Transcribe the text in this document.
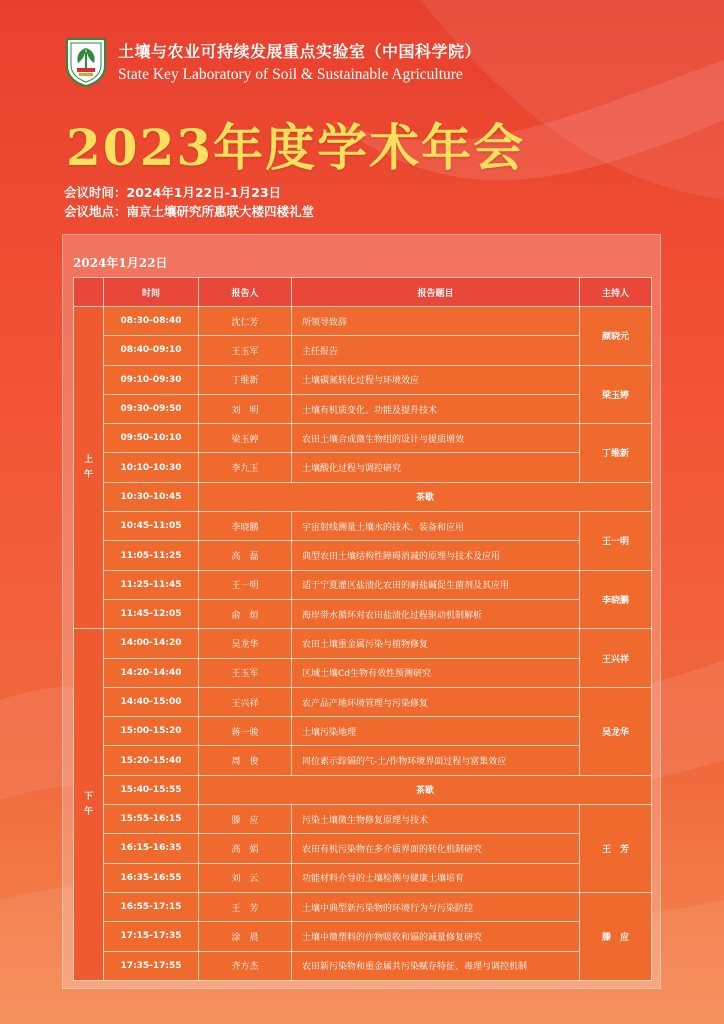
土壤与农业可持续发展重点实验室（中国科学院）
State Key Laboratory of Soil & Sustainable Agriculture
2023年度学术年会
会议时间：2024年1月22日-1月23日
会议地点：南京土壤研究所惠联大楼四楼礼堂
2024年1月22日
	时间	报告人	报告题目	主持人
上
午	08:30-08:40	沈仁芳	所领导致辞	颜晓元
	08:40-09:10	王玉军	主任报告	
	09:10-09:30	丁维新	土壤碳氮转化过程与环境效应	梁玉婷
	09:30-09:50	刘　明	土壤有机质变化、功能及提升技术	
	09:50-10:10	梁玉婷	农田土壤合成微生物组的设计与提质增效	丁维新
	10:10-10:30	李九玉	土壤酸化过程与调控研究	
	10:30-10:45	茶歇		
	10:45-11:05	李晓鹏	宇宙射线测量土壤水的技术、装备和应用	王一明
	11:05-11:25	高　磊	典型农田土壤结构性障碍消减的原理与技术及应用	
	11:25-11:45	王一明	适于宁夏灌区盐渍化农田的耐盐碱促生菌剂及其应用	李晓鹏
	11:45-12:05	俞　烜	海岸带水循环对农田盐渍化过程驱动机制解析	
下
午	14:00-14:20	吴龙华	农田土壤重金属污染与植物修复	王兴祥
	14:20-14:40	王玉军	区域土壤Cd生物有效性预测研究	
	14:40-15:00	王兴祥	农产品产地环境管理与污染修复	吴龙华
	15:00-15:20	蒋一骏	土壤污染地理	
	15:20-15:40	周　俊	同位素示踪镉的气-土/作物环境界面过程与富集效应	
	15:40-15:55	茶歇		
	15:55-16:15	滕　应	污染土壤微生物修复原理与技术	王　芳
	16:15-16:35	高　娟	农田有机污染物在多介质界面的转化机制研究	
	16:35-16:55	刘　云	功能材料介导的土壤检测与健康土壤培育	
	16:55-17:15	王　芳	土壤中典型新污染物的环境行为与污染防控	滕　应
	17:15-17:35	涂　晨	土壤中微塑料的作物吸收和镉的减量修复研究	
	17:35-17:55	齐方杰	农田新污染物和重金属共污染赋存特征、毒理与调控机制	
